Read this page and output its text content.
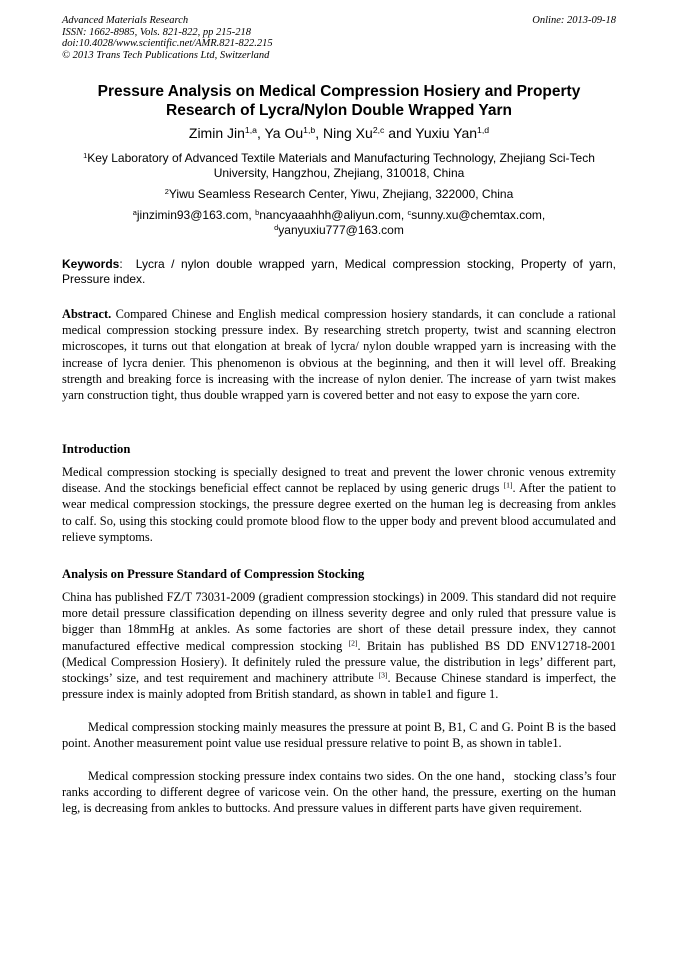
Advanced Materials Research
ISSN: 1662-8985, Vols. 821-822, pp 215-218
doi:10.4028/www.scientific.net/AMR.821-822.215
© 2013 Trans Tech Publications Ltd, Switzerland
Online: 2013-09-18
Pressure Analysis on Medical Compression Hosiery and Property
Research of Lycra/Nylon Double Wrapped Yarn
Zimin Jin$^{1,a}$, Ya Ou$^{1,b}$, Ning Xu$^{2,c}$ and Yuxiu Yan$^{1,d}$
$^1$Key Laboratory of Advanced Textile Materials and Manufacturing Technology, Zhejiang Sci-Tech
University, Hangzhou, Zhejiang, 310018, China
$^2$Yiwu Seamless Research Center, Yiwu, Zhejiang, 322000, China
$^a$jinzimin93@163.com, $^b$nancyaaahhh@aliyun.com, $^c$sunny.xu@chemtax.com,
$^d$yanyuxiu777@163.com
Keywords:  Lycra / nylon double wrapped yarn, Medical compression stocking, Property of yarn, Pressure index.
Abstract. Compared Chinese and English medical compression hosiery standards, it can conclude a rational medical compression stocking pressure index. By researching stretch property, twist and scanning electron microscopes, it turns out that elongation at break of lycra/ nylon double wrapped yarn is increasing with the increase of lycra denier. This phenomenon is obvious at the beginning, and then it will level off. Breaking strength and breaking force is increasing with the increase of nylon denier. The increase of yarn twist makes yarn construction tight, thus double wrapped yarn is covered better and not easy to expose the yarn core.
Introduction
Medical compression stocking is specially designed to treat and prevent the lower chronic venous extremity disease. And the stockings beneficial effect cannot be replaced by using generic drugs [1]. After the patient to wear medical compression stockings, the pressure degree exerted on the human leg is decreasing from ankles to calf. So, using this stocking could promote blood flow to the upper body and prevent blood accumulated and relieve symptoms.
Analysis on Pressure Standard of Compression Stocking
China has published FZ/T 73031-2009 (gradient compression stockings) in 2009. This standard did not require more detail pressure classification depending on illness severity degree and only ruled that pressure value is bigger than 18mmHg at ankles. As some factories are short of these detail pressure index, they cannot manufactured effective medical compression stocking [2]. Britain has published BS DD ENV12718-2001 (Medical Compression Hosiery). It definitely ruled the pressure value, the distribution in legs’ different part, stockings’ size, and test requirement and machinery attribute [3]. Because Chinese standard is imperfect, the pressure index is mainly adopted from British standard, as shown in table1 and figure 1.
Medical compression stocking mainly measures the pressure at point B, B1, C and G. Point B is the based point. Another measurement point value use residual pressure relative to point B, as shown in table1.
Medical compression stocking pressure index contains two sides. On the one hand，stocking class’s four ranks according to different degree of varicose vein. On the other hand, the pressure, exerting on the human leg, is decreasing from ankles to buttocks. And pressure values in different parts have given requirement.
